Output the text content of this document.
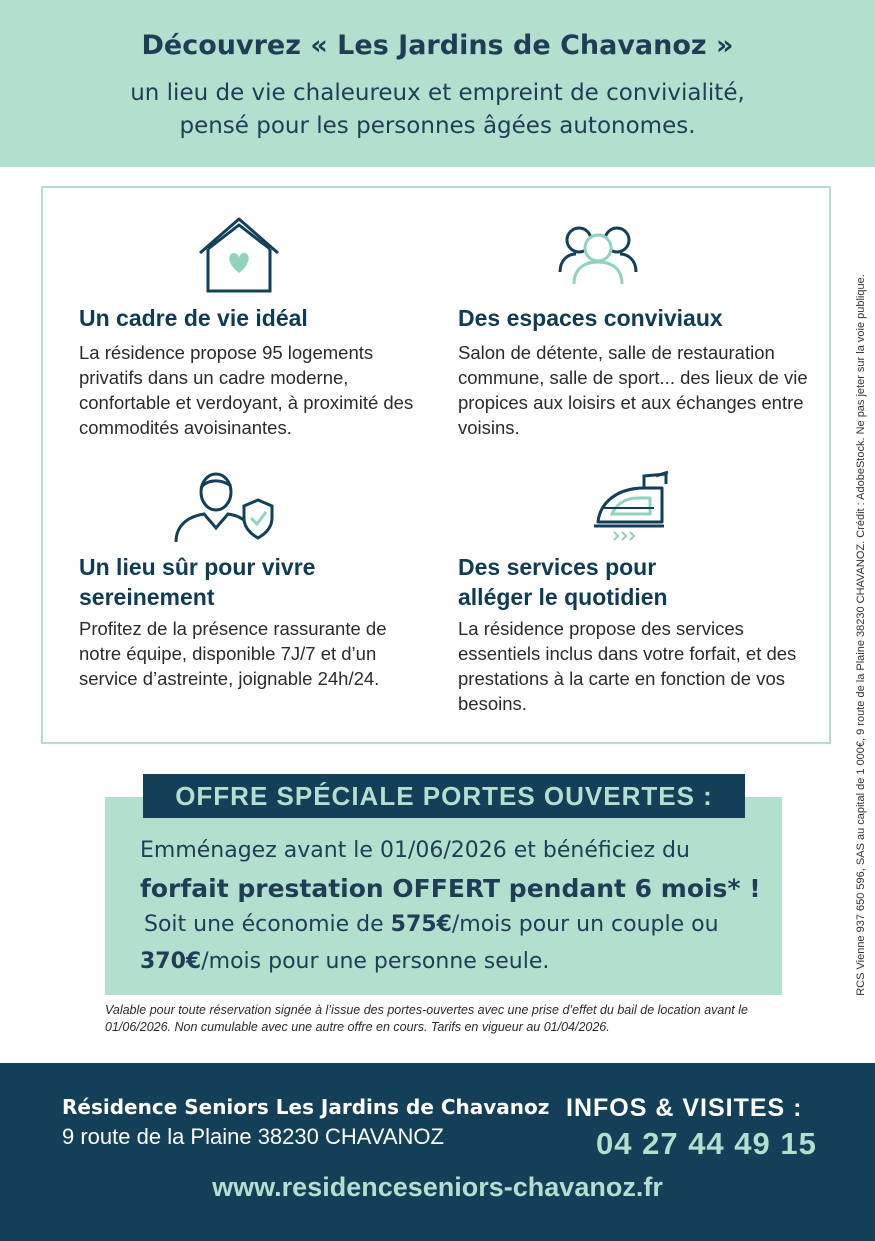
Découvrez « Les Jardins de Chavanoz »
un lieu de vie chaleureux et empreint de convivialité,
pensé pour les personnes âgées autonomes.
Un cadre de vie idéal
La résidence propose 95 logements privatifs dans un cadre moderne, confortable et verdoyant, à proximité des commodités avoisinantes.
Des espaces conviviaux
Salon de détente, salle de restauration commune, salle de sport... des lieux de vie propices aux loisirs et aux échanges entre voisins.
Un lieu sûr pour vivre
sereinement
Profitez de la présence rassurante de notre équipe, disponible 7J/7 et d’un service d’astreinte, joignable 24h/24.
Des services pour
alléger le quotidien
La résidence propose des services essentiels inclus dans votre forfait, et des prestations à la carte en fonction de vos besoins.	RCS Vienne 937 650 596, SAS au capital de 1 000€, 9 route de la Plaine 38230 CHAVANOZ. Crédit : AdobeStock. Ne pas jeter sur la voie publique.
OFFRE SPÉCIALE PORTES OUVERTES :
Emménagez avant le 01/06/2026 et bénéficiez du
forfait prestation OFFERT pendant 6 mois* !
Soit une économie de 575€/mois pour un couple ou
370€/mois pour une personne seule.
Valable pour toute réservation signée à l’issue des portes-ouvertes avec une prise d’effet du bail de location avant le 01/06/2026. Non cumulable avec une autre offre en cours. Tarifs en vigueur au 01/04/2026.
Résidence Seniors Les Jardins de Chavanoz
9 route de la Plaine 38230 CHAVANOZ
INFOS & VISITES :
04 27 44 49 15
www.residenceseniors-chavanoz.fr
